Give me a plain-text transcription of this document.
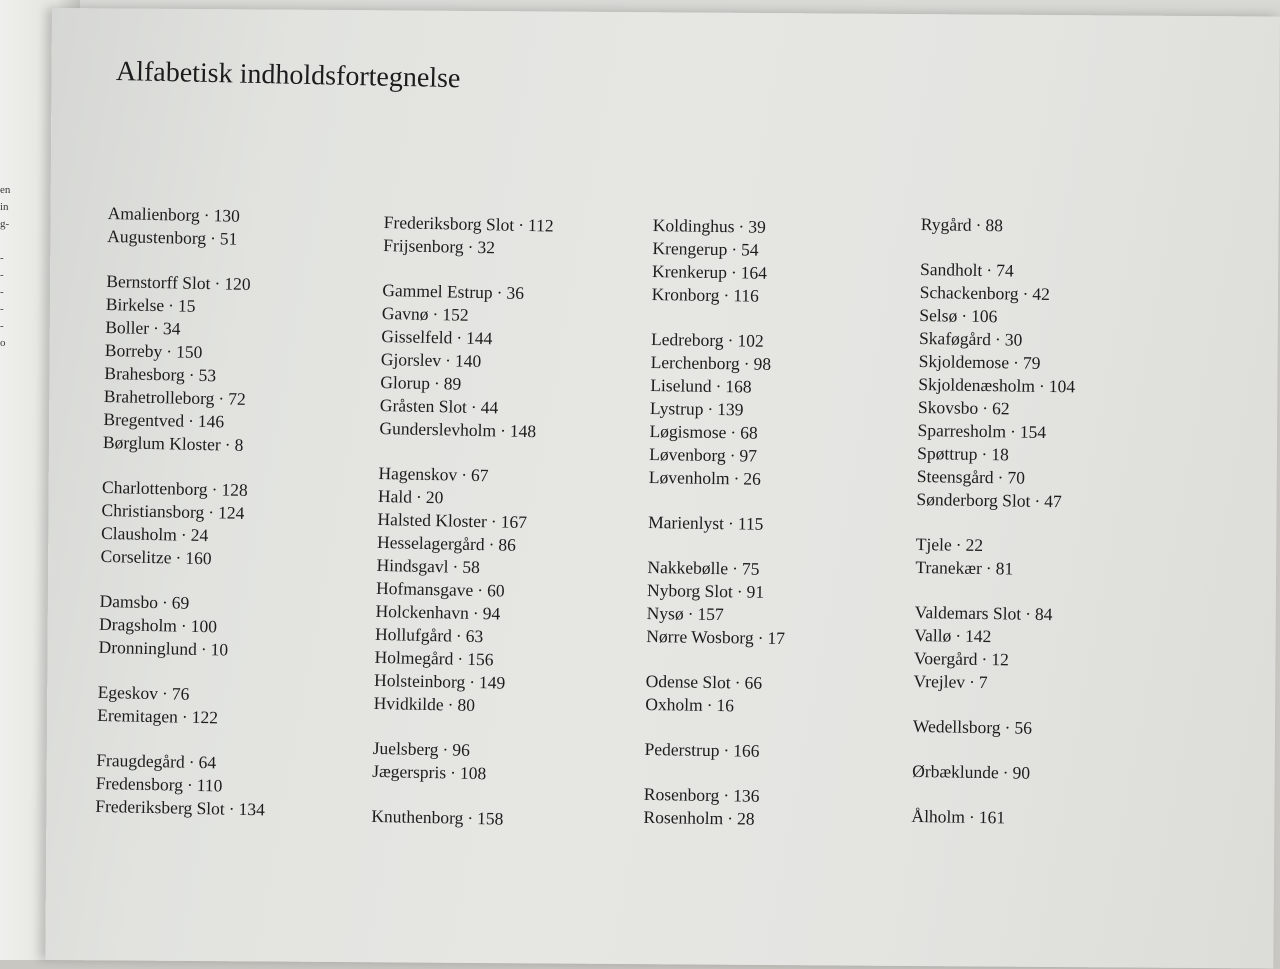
en
in
g-

-
-
-
-
-
o
Alfabetisk indholdsfortegnelse
Amalienborg · 130
Augustenborg · 51
Bernstorff Slot · 120
Birkelse · 15
Boller · 34
Borreby · 150
Brahesborg · 53
Brahetrolleborg · 72
Bregentved · 146
Børglum Kloster · 8
Charlottenborg · 128
Christiansborg · 124
Clausholm · 24
Corselitze · 160
Damsbo · 69
Dragsholm · 100
Dronninglund · 10
Egeskov · 76
Eremitagen · 122
Fraugdegård · 64
Fredensborg · 110
Frederiksberg Slot · 134
Frederiksborg Slot · 112
Frijsenborg · 32
Gammel Estrup · 36
Gavnø · 152
Gisselfeld · 144
Gjorslev · 140
Glorup · 89
Gråsten Slot · 44
Gunderslevholm · 148
Hagenskov · 67
Hald · 20
Halsted Kloster · 167
Hesselagergård · 86
Hindsgavl · 58
Hofmansgave · 60
Holckenhavn · 94
Hollufgård · 63
Holmegård · 156
Holsteinborg · 149
Hvidkilde · 80
Juelsberg · 96
Jægerspris · 108
Knuthenborg · 158
Koldinghus · 39
Krengerup · 54
Krenkerup · 164
Kronborg · 116
Ledreborg · 102
Lerchenborg · 98
Liselund · 168
Lystrup · 139
Løgismose · 68
Løvenborg · 97
Løvenholm · 26
Marienlyst · 115
Nakkebølle · 75
Nyborg Slot · 91
Nysø · 157
Nørre Wosborg · 17
Odense Slot · 66
Oxholm · 16
Pederstrup · 166
Rosenborg · 136
Rosenholm · 28
Rygård · 88
Sandholt · 74
Schackenborg · 42
Selsø · 106
Skaføgård · 30
Skjoldemose · 79
Skjoldenæsholm · 104
Skovsbo · 62
Sparresholm · 154
Spøttrup · 18
Steensgård · 70
Sønderborg Slot · 47
Tjele · 22
Tranekær · 81
Valdemars Slot · 84
Vallø · 142
Voergård · 12
Vrejlev · 7
Wedellsborg · 56
Ørbæklunde · 90
Ålholm · 161
